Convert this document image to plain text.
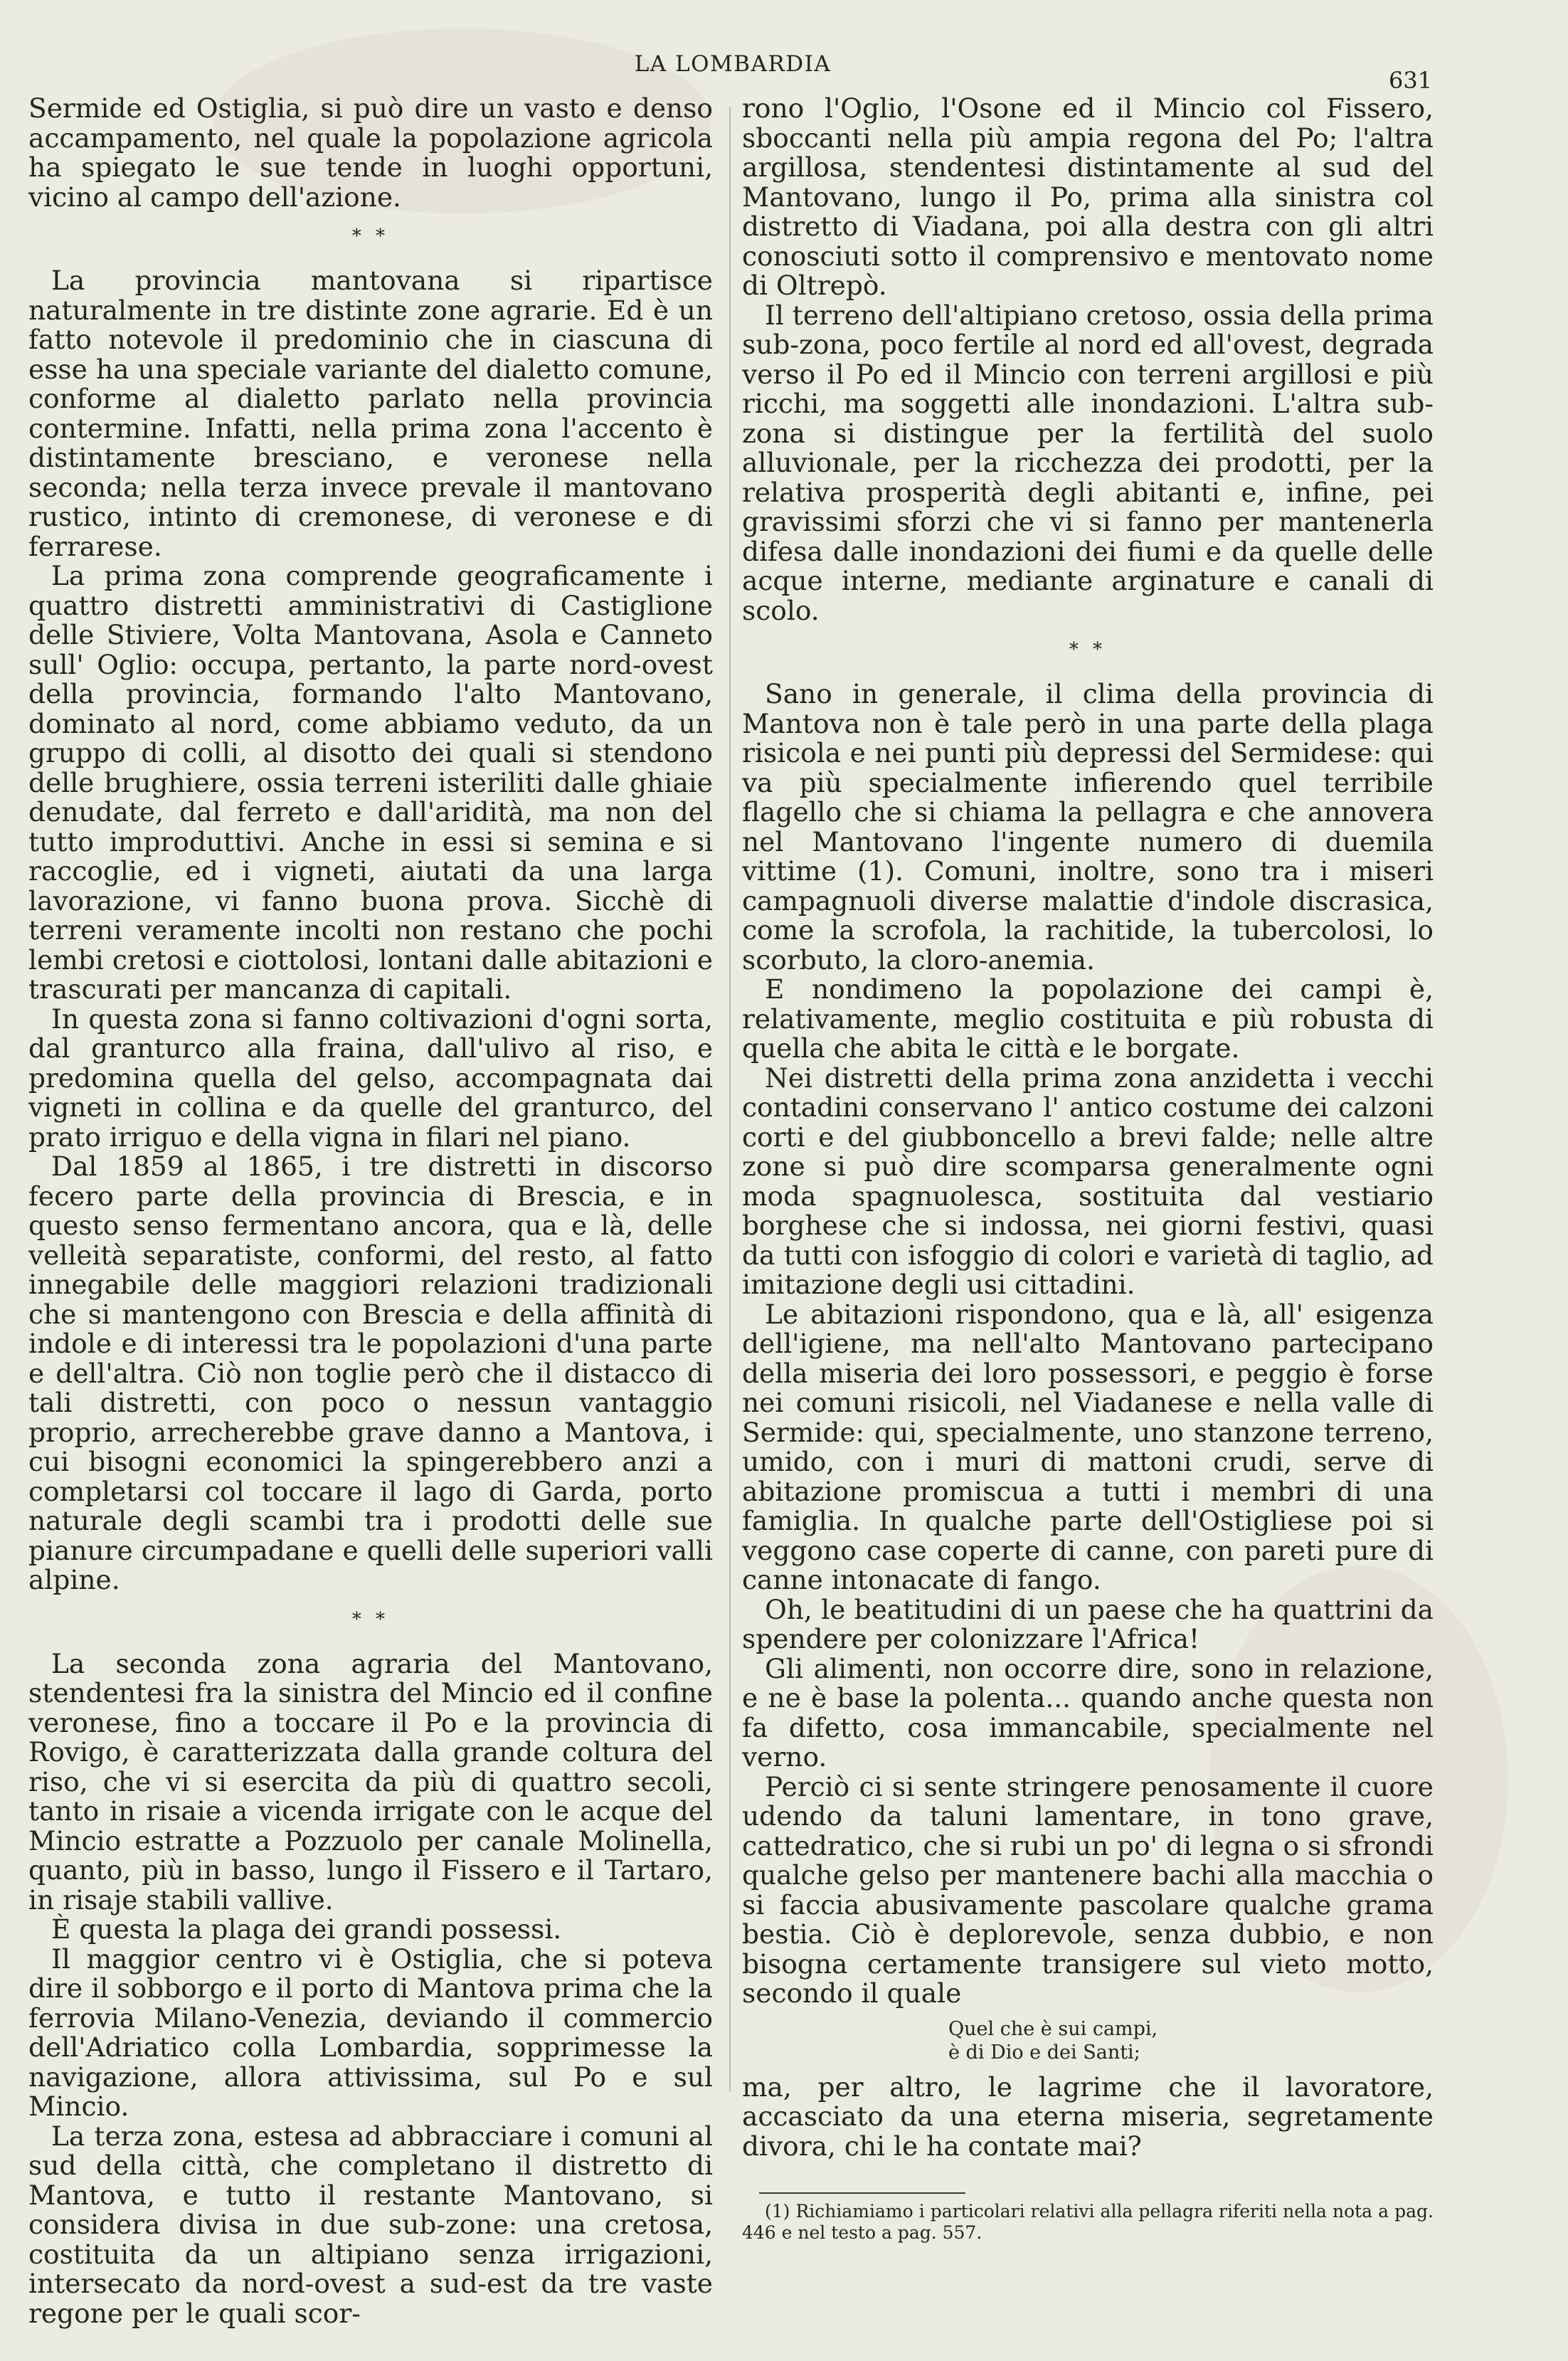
LA LOMBARDIA
631

Sermide ed Ostiglia, si può dire un vasto e denso accampamento, nel quale la popolazione agricola ha spiegato le sue tende in luoghi opportuni, vicino al campo dell'azione.

* *

La provincia mantovana si ripartisce naturalmente in tre distinte zone agrarie. Ed è un fatto notevole il predominio che in ciascuna di esse ha una speciale variante del dialetto comune, conforme al dialetto parlato nella provincia contermine. Infatti, nella prima zona l'accento è distintamente bresciano, e veronese nella seconda; nella terza invece prevale il mantovano rustico, intinto di cremonese, di veronese e di ferrarese.

La prima zona comprende geograficamente i quattro distretti amministrativi di Castiglione delle Stiviere, Volta Mantovana, Asola e Canneto sull' Oglio: occupa, pertanto, la parte nord-ovest della provincia, formando l'alto Mantovano, dominato al nord, come abbiamo veduto, da un gruppo di colli, al disotto dei quali si stendono delle brughiere, ossia terreni isteriliti dalle ghiaie denudate, dal ferreto e dall'aridità, ma non del tutto improduttivi. Anche in essi si semina e si raccoglie, ed i vigneti, aiutati da una larga lavorazione, vi fanno buona prova. Sicchè di terreni veramente incolti non restano che pochi lembi cretosi e ciottolosi, lontani dalle abitazioni e trascurati per mancanza di capitali.

In questa zona si fanno coltivazioni d'ogni sorta, dal granturco alla fraina, dall'ulivo al riso, e predomina quella del gelso, accompagnata dai vigneti in collina e da quelle del granturco, del prato irriguo e della vigna in filari nel piano.

Dal 1859 al 1865, i tre distretti in discorso fecero parte della provincia di Brescia, e in questo senso fermentano ancora, qua e là, delle velleità separatiste, conformi, del resto, al fatto innegabile delle maggiori relazioni tradizionali che si mantengono con Brescia e della affinità di indole e di interessi tra le popolazioni d'una parte e dell'altra. Ciò non toglie però che il distacco di tali distretti, con poco o nessun vantaggio proprio, arrecherebbe grave danno a Mantova, i cui bisogni economici la spingerebbero anzi a completarsi col toccare il lago di Garda, porto naturale degli scambi tra i prodotti delle sue pianure circumpadane e quelli delle superiori valli alpine.

* *

La seconda zona agraria del Mantovano, stendentesi fra la sinistra del Mincio ed il confine veronese, fino a toccare il Po e la provincia di Rovigo, è caratterizzata dalla grande coltura del riso, che vi si esercita da più di quattro secoli, tanto in risaie a vicenda irrigate con le acque del Mincio estratte a Pozzuolo per canale Molinella, quanto, più in basso, lungo il Fissero e il Tartaro, in risaje stabili vallive.

È questa la plaga dei grandi possessi.

Il maggior centro vi è Ostiglia, che si poteva dire il sobborgo e il porto di Mantova prima che la ferrovia Milano-Venezia, deviando il commercio dell'Adriatico colla Lombardia, sopprimesse la navigazione, allora attivissima, sul Po e sul Mincio.

La terza zona, estesa ad abbracciare i comuni al sud della città, che completano il distretto di Mantova, e tutto il restante Mantovano, si considera divisa in due sub-zone: una cretosa, costituita da un altipiano senza irrigazioni, intersecato da nord-ovest a sud-est da tre vaste regone per le quali scor-

rono l'Oglio, l'Osone ed il Mincio col Fissero, sboccanti nella più ampia regona del Po; l'altra argillosa, stendentesi distintamente al sud del Mantovano, lungo il Po, prima alla sinistra col distretto di Viadana, poi alla destra con gli altri conosciuti sotto il comprensivo e mentovato nome di Oltrepò.

Il terreno dell'altipiano cretoso, ossia della prima sub-zona, poco fertile al nord ed all'ovest, degrada verso il Po ed il Mincio con terreni argillosi e più ricchi, ma soggetti alle inondazioni. L'altra sub-zona si distingue per la fertilità del suolo alluvionale, per la ricchezza dei prodotti, per la relativa prosperità degli abitanti e, infine, pei gravissimi sforzi che vi si fanno per mantenerla difesa dalle inondazioni dei fiumi e da quelle delle acque interne, mediante arginature e canali di scolo.

* *

Sano in generale, il clima della provincia di Mantova non è tale però in una parte della plaga risicola e nei punti più depressi del Sermidese: qui va più specialmente infierendo quel terribile flagello che si chiama la pellagra e che annovera nel Mantovano l'ingente numero di duemila vittime (1). Comuni, inoltre, sono tra i miseri campagnuoli diverse malattie d'indole discrasica, come la scrofola, la rachitide, la tubercolosi, lo scorbuto, la cloro-anemia.

E nondimeno la popolazione dei campi è, relativamente, meglio costituita e più robusta di quella che abita le città e le borgate.

Nei distretti della prima zona anzidetta i vecchi contadini conservano l' antico costume dei calzoni corti e del giubboncello a brevi falde; nelle altre zone si può dire scomparsa generalmente ogni moda spagnuolesca, sostituita dal vestiario borghese che si indossa, nei giorni festivi, quasi da tutti con isfoggio di colori e varietà di taglio, ad imitazione degli usi cittadini.

Le abitazioni rispondono, qua e là, all' esigenza dell'igiene, ma nell'alto Mantovano partecipano della miseria dei loro possessori, e peggio è forse nei comuni risicoli, nel Viadanese e nella valle di Sermide: qui, specialmente, uno stanzone terreno, umido, con i muri di mattoni crudi, serve di abitazione promiscua a tutti i membri di una famiglia. In qualche parte dell'Ostigliese poi si veggono case coperte di canne, con pareti pure di canne intonacate di fango.

Oh, le beatitudini di un paese che ha quattrini da spendere per colonizzare l'Africa!

Gli alimenti, non occorre dire, sono in relazione, e ne è base la polenta... quando anche questa non fa difetto, cosa immancabile, specialmente nel verno.

Perciò ci si sente stringere penosamente il cuore udendo da taluni lamentare, in tono grave, cattedratico, che si rubi un po' di legna o si sfrondi qualche gelso per mantenere bachi alla macchia o si faccia abusivamente pascolare qualche grama bestia. Ciò è deplorevole, senza dubbio, e non bisogna certamente transigere sul vieto motto, secondo il quale

Quel che è sui campi,
è di Dio e dei Santi;

ma, per altro, le lagrime che il lavoratore, accasciato da una eterna miseria, segretamente divora, chi le ha contate mai?

(1) Richiamiamo i particolari relativi alla pellagra riferiti nella nota a pag. 446 e nel testo a pag. 557.
